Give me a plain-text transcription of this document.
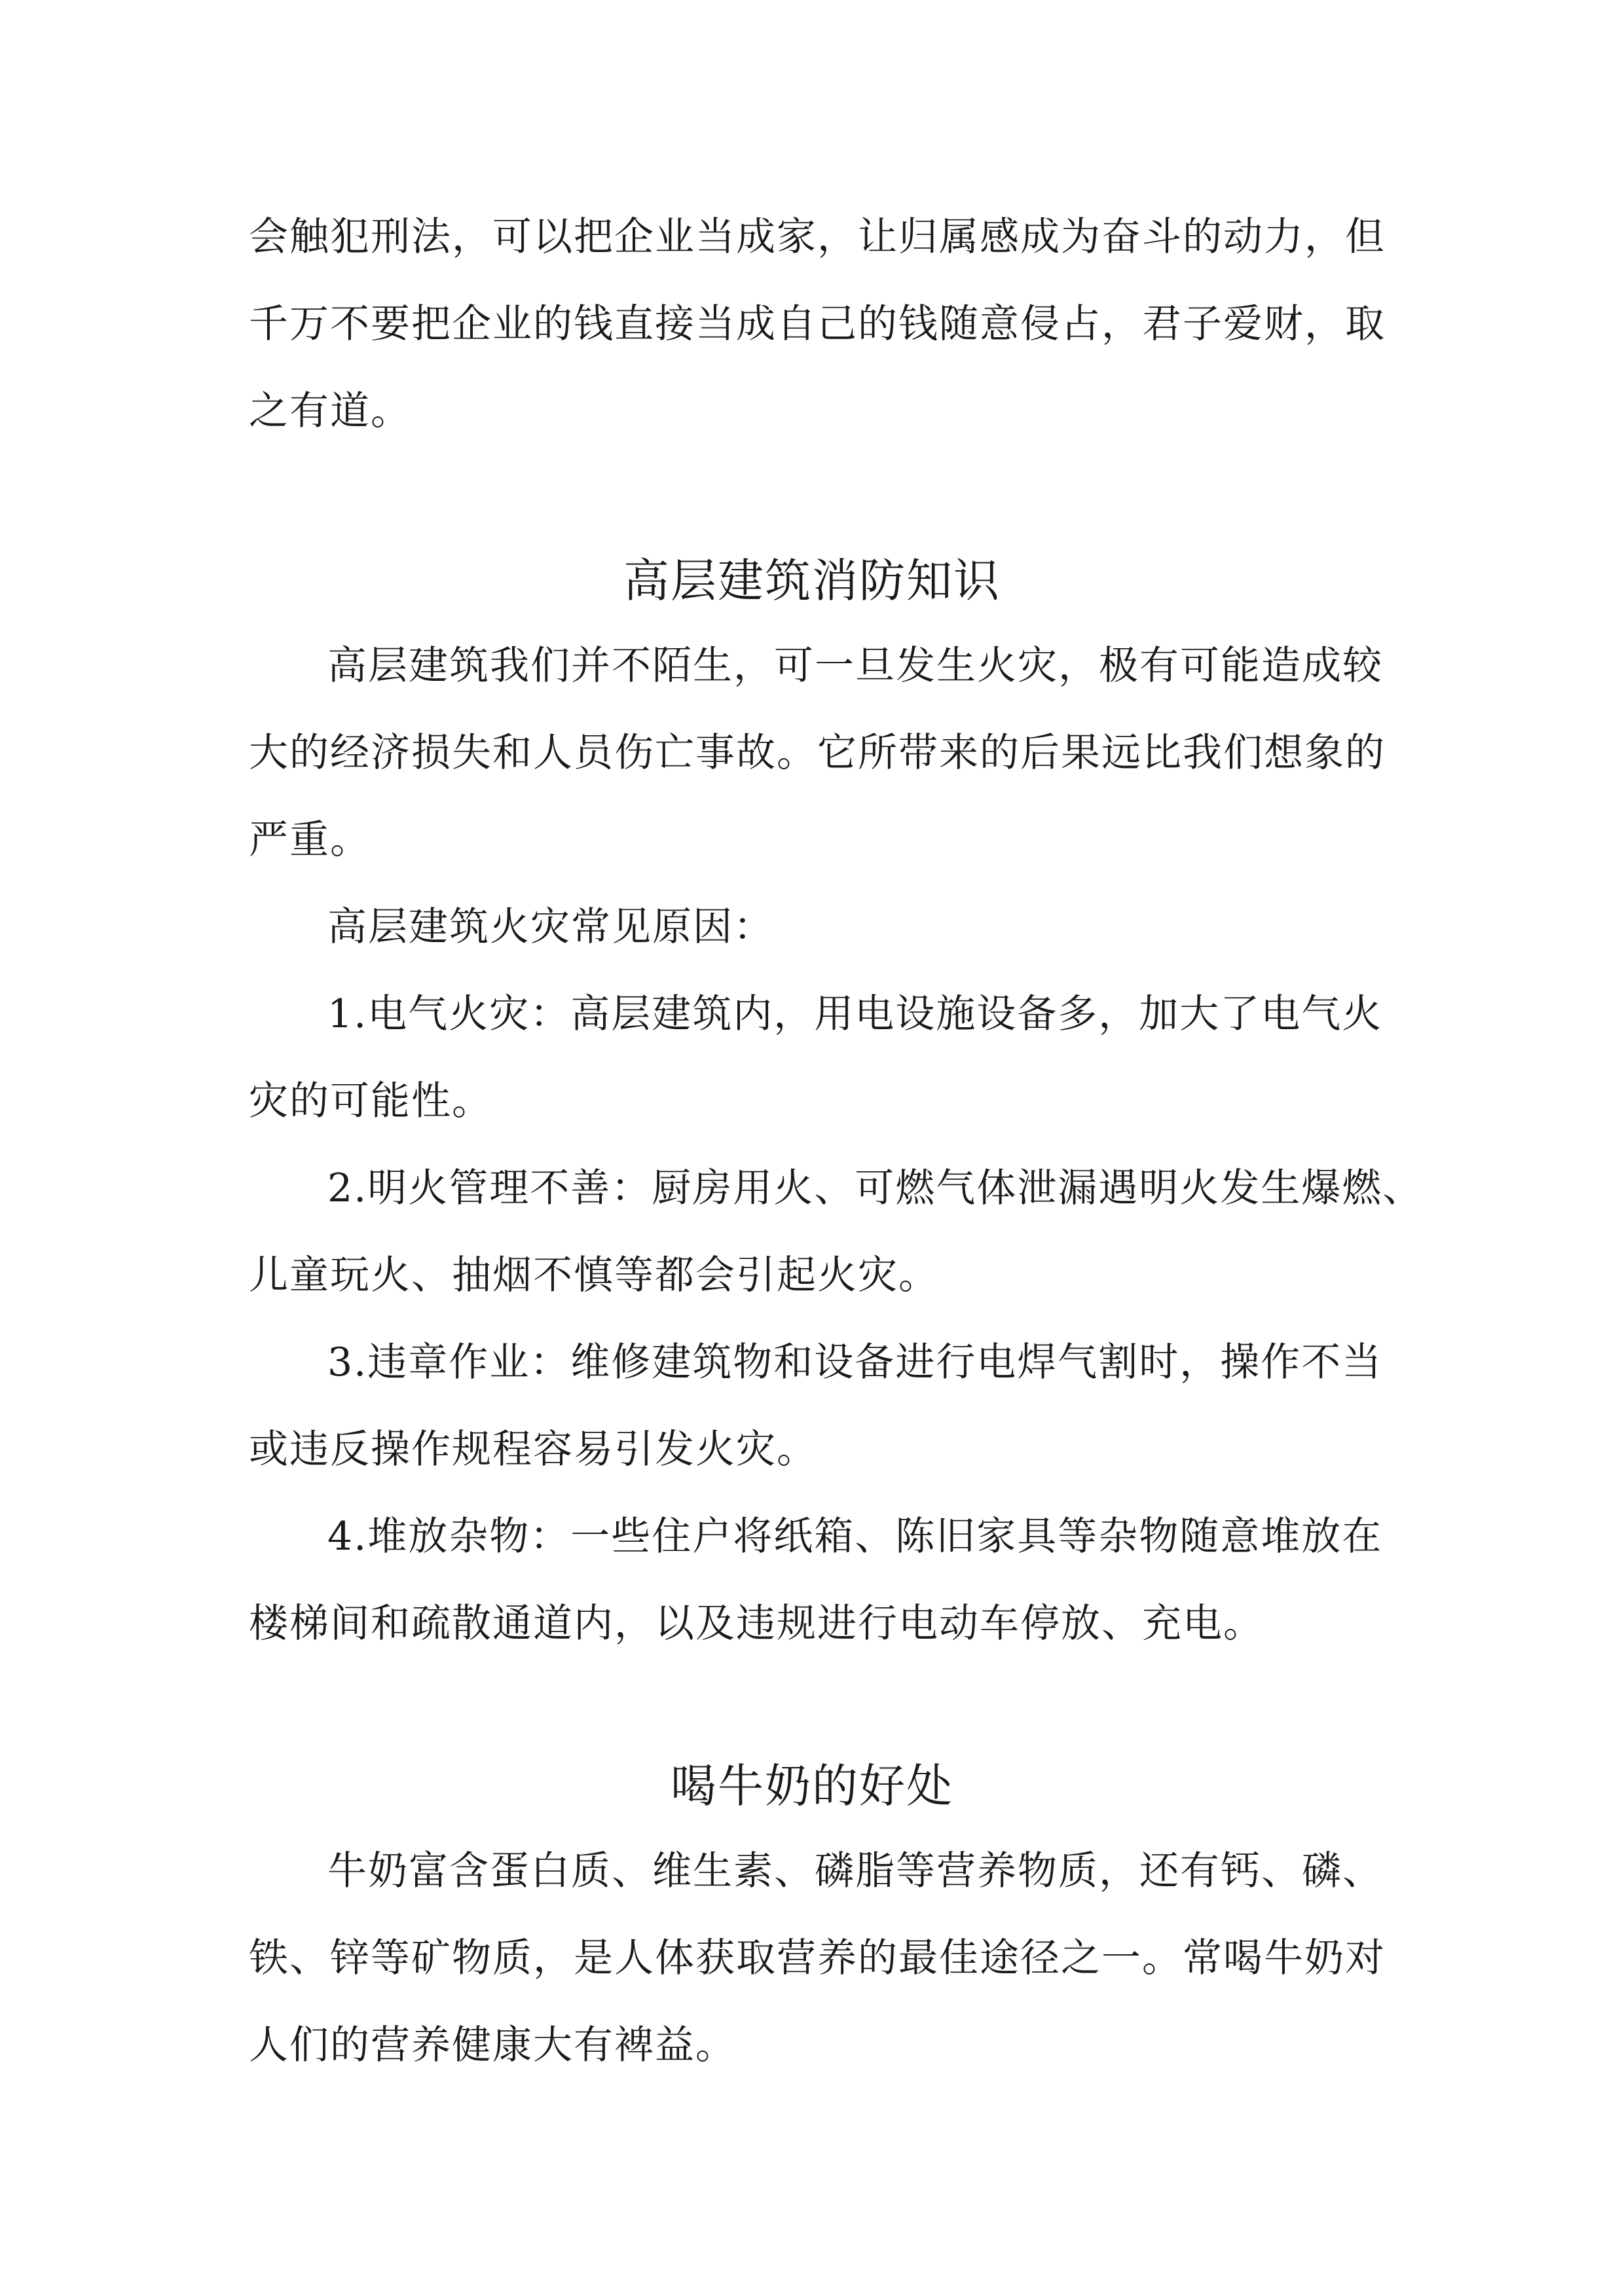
会触犯刑法，可以把企业当成家，让归属感成为奋斗的动力，但
千万不要把企业的钱直接当成自己的钱随意侵占，君子爱财，取
之有道。
高层建筑消防知识
高层建筑我们并不陌生，可一旦发生火灾，极有可能造成较
大的经济损失和人员伤亡事故。它所带来的后果远比我们想象的
严重。
高层建筑火灾常见原因：
1.电气火灾：高层建筑内，用电设施设备多，加大了电气火
灾的可能性。
2.明火管理不善：厨房用火、可燃气体泄漏遇明火发生爆燃、
儿童玩火、抽烟不慎等都会引起火灾。
3.违章作业：维修建筑物和设备进行电焊气割时，操作不当
或违反操作规程容易引发火灾。
4.堆放杂物：一些住户将纸箱、陈旧家具等杂物随意堆放在
楼梯间和疏散通道内，以及违规进行电动车停放、充电。
喝牛奶的好处
牛奶富含蛋白质、维生素、磷脂等营养物质，还有钙、磷、
铁、锌等矿物质，是人体获取营养的最佳途径之一。常喝牛奶对
人们的营养健康大有裨益。
